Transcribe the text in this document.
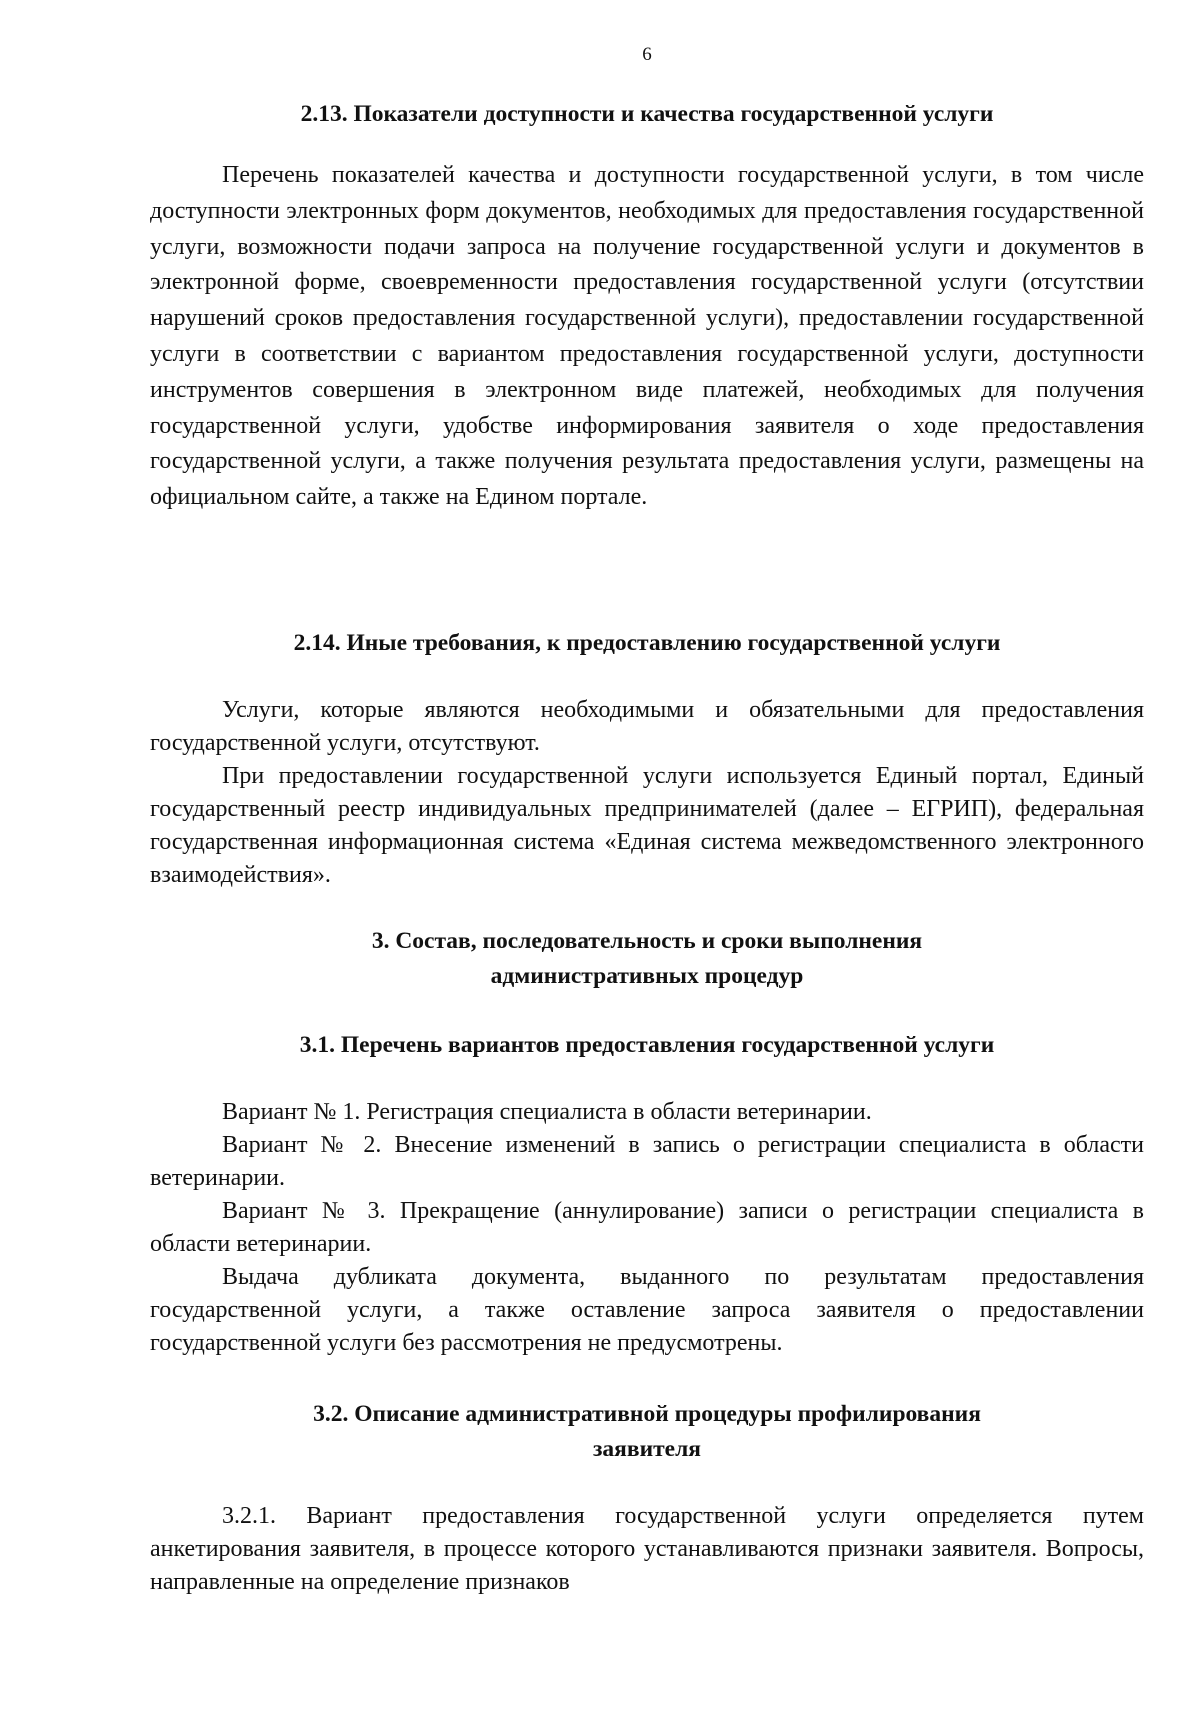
6
2.13. Показатели доступности и качества государственной услуги

Перечень показателей качества и доступности государственной услуги, в том числе доступности электронных форм документов, необходимых для предоставления государственной услуги, возможности подачи запроса на получение государственной услуги и документов в электронной форме, своевременности предоставления государственной услуги (отсутствии нарушений сроков предоставления государственной услуги), предоставлении государственной услуги в соответствии с вариантом предоставления государственной услуги, доступности инструментов совершения в электронном виде платежей, необходимых для получения государственной услуги, удобстве информирования заявителя о ходе предоставления государственной услуги, а также получения результата предоставления услуги, размещены на официальном сайте, а также на Едином портале.

2.14. Иные требования, к предоставлению государственной услуги

Услуги, которые являются необходимыми и обязательными для предоставления государственной услуги, отсутствуют.

При предоставлении государственной услуги используется Единый портал, Единый государственный реестр индивидуальных предпринимателей (далее – ЕГРИП), федеральная государственная информационная система «Единая система межведомственного электронного взаимодействия».

3. Состав, последовательность и сроки выполнения
административных процедур
3.1. Перечень вариантов предоставления государственной услуги

Вариант № 1. Регистрация специалиста в области ветеринарии.

Вариант № 2. Внесение изменений в запись о регистрации специалиста в области ветеринарии.

Вариант № 3. Прекращение (аннулирование) записи о регистрации специалиста в области ветеринарии.

Выдача дубликата документа, выданного по результатам предоставления государственной услуги, а также оставление запроса заявителя о предоставлении государственной услуги без рассмотрения не предусмотрены.

3.2. Описание административной процедуры профилирования
заявителя

3.2.1. Вариант предоставления государственной услуги определяется путем анкетирования заявителя, в процессе которого устанавливаются признаки заявителя. Вопросы, направленные на определение признаков
